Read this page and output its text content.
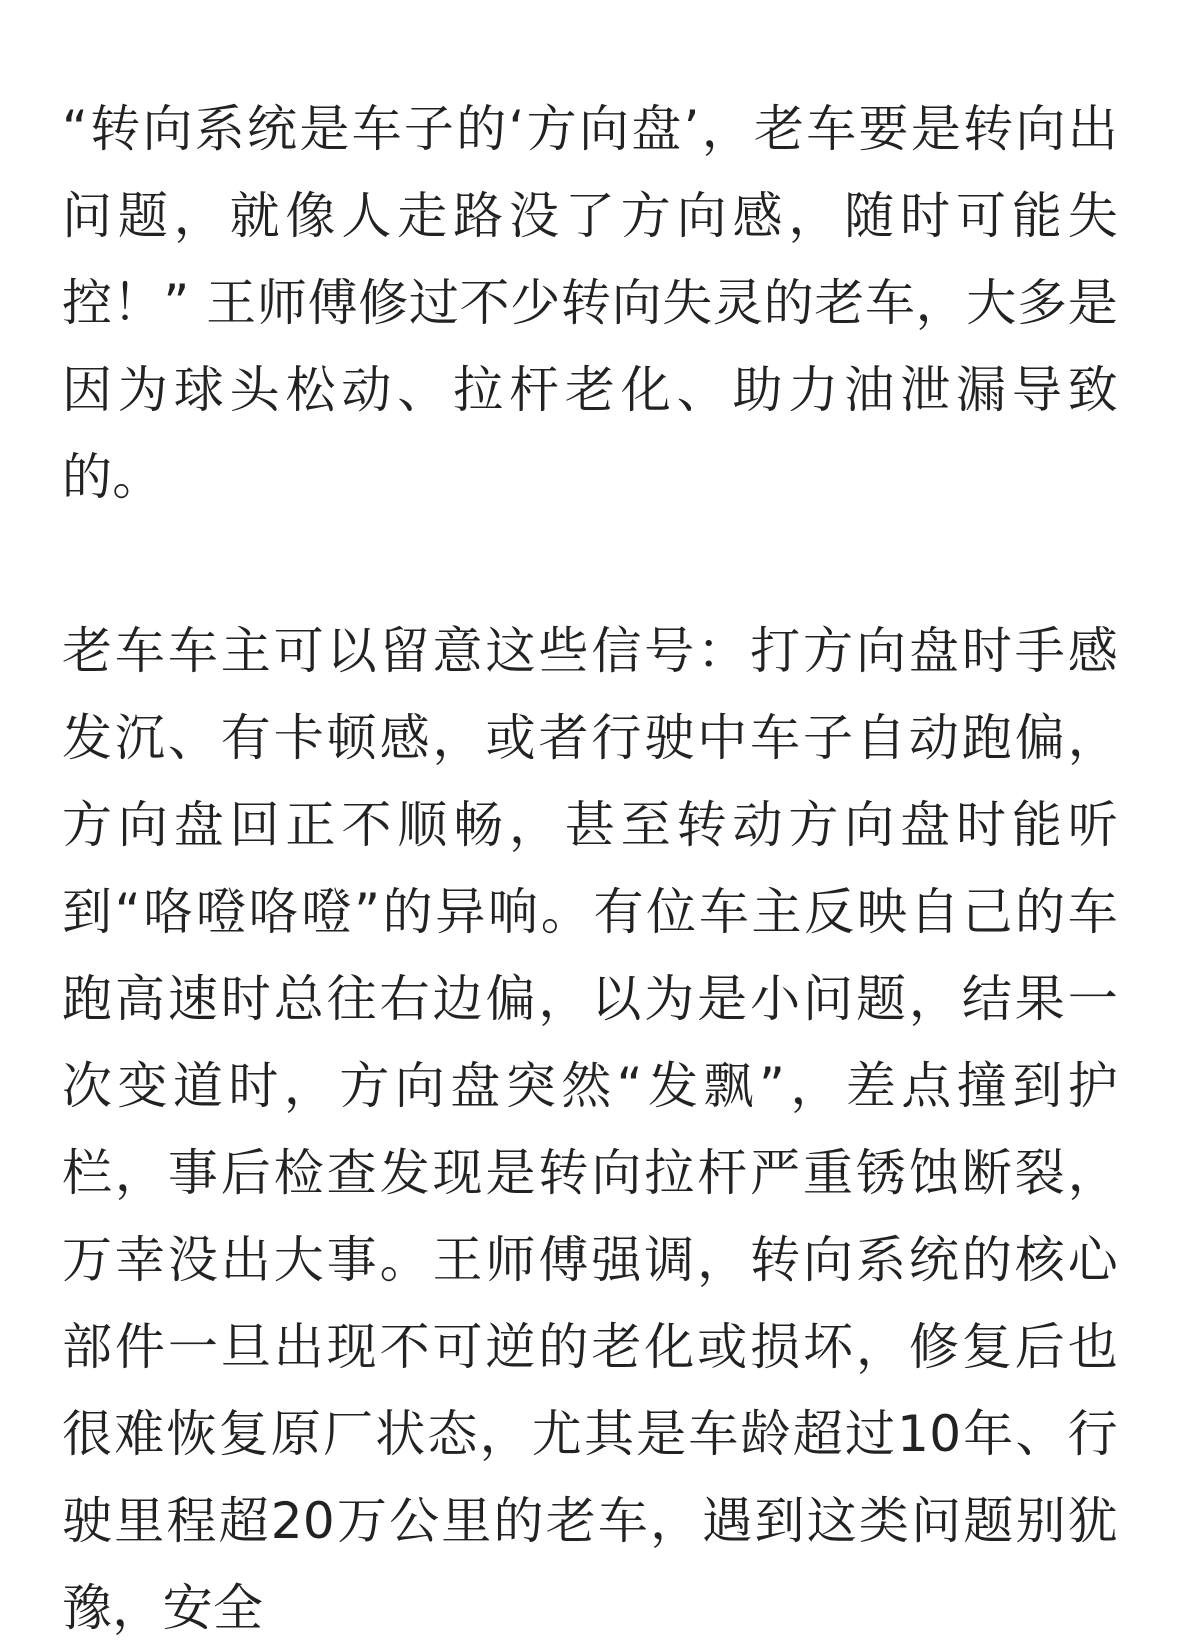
“转向系统是车子的‘方向盘’，老车要是转向出问题，就像人走路没了方向感，随时可能失控！” 王师傅修过不少转向失灵的老车，大多是因为球头松动、拉杆老化、助力油泄漏导致的。

老车车主可以留意这些信号：打方向盘时手感发沉、有卡顿感，或者行驶中车子自动跑偏，方向盘回正不顺畅，甚至转动方向盘时能听到“咯噔咯噔”的异响。有位车主反映自己的车跑高速时总往右边偏，以为是小问题，结果一次变道时，方向盘突然“发飘”，差点撞到护栏，事后检查发现是转向拉杆严重锈蚀断裂，万幸没出大事。王师傅强调，转向系统的核心部件一旦出现不可逆的老化或损坏，修复后也很难恢复原厂状态，尤其是车龄超过10年、行驶里程超20万公里的老车，遇到这类问题别犹豫，安全
